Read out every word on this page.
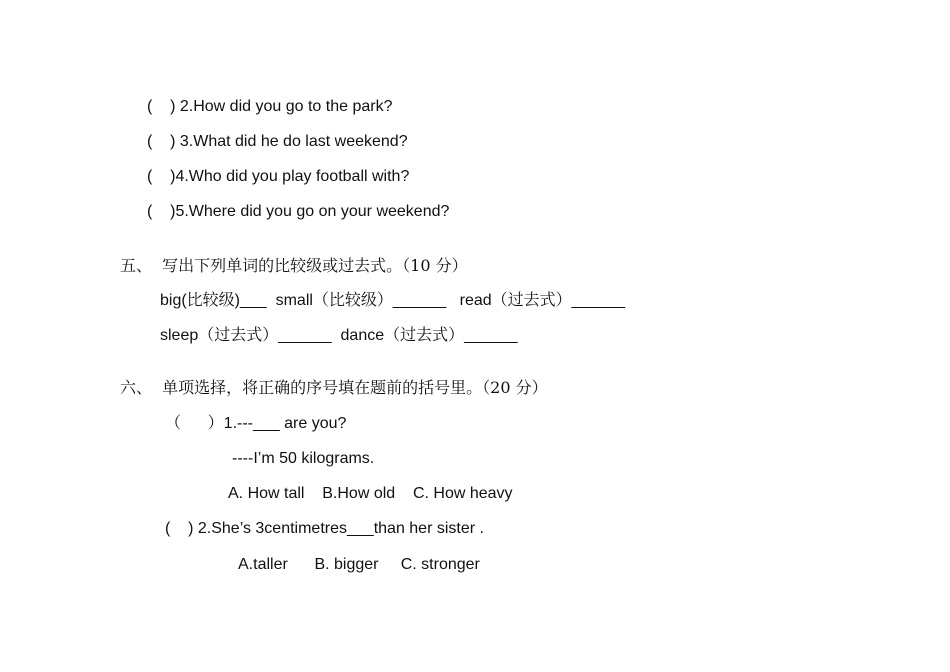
(    ) 2.How did you go to the park?
(    ) 3.What did he do last weekend?
(    )4.Who did you play football with?
(    )5.Where did you go on your weekend?
五、  写出下列单词的比较级或过去式。（10 分）
big(比较级)___  small（比较级）______   read（过去式）______
sleep（过去式）______  dance（过去式）______
六、  单项选择，将正确的序号填在题前的括号里。（20 分）
（      ）1.---___ are you?
----I’m 50 kilograms.
A. How tall    B.How old    C. How heavy
(    ) 2.She’s 3centimetres___than her sister .
A.taller      B. bigger     C. stronger
